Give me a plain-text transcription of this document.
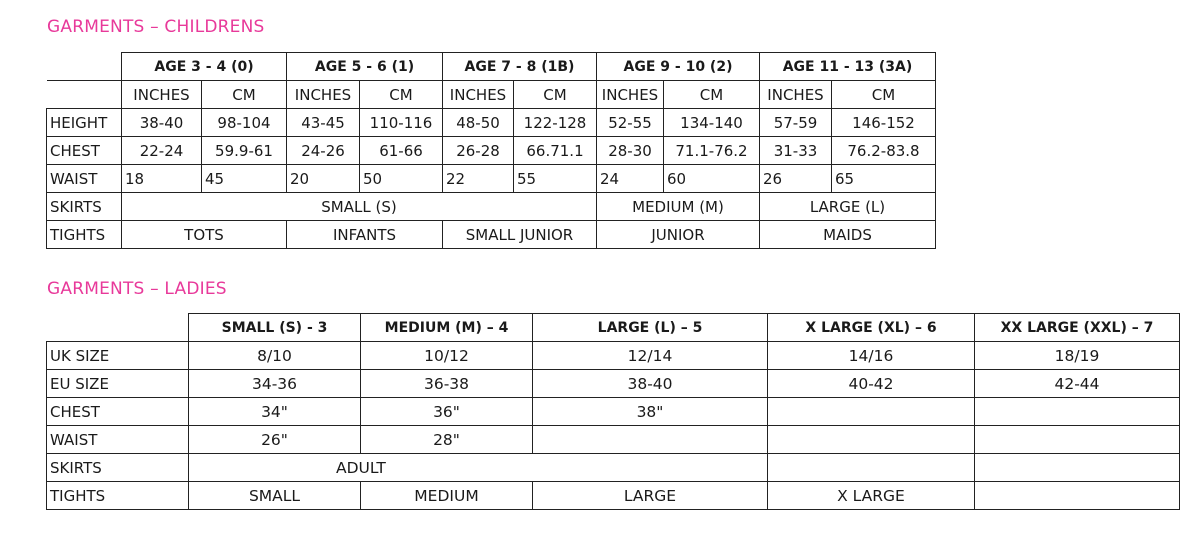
GARMENTS – CHILDRENS
	AGE 3 - 4 (0)		AGE 5 - 6 (1)		AGE 7 - 8 (1B)		AGE 9 - 10 (2)		AGE 11 - 13 (3A)	
	INCHES	CM	INCHES	CM	INCHES	CM	INCHES	CM	INCHES	CM
HEIGHT	38-40	98-104	43-45	110-116	48-50	122-128	52-55	134-140	57-59	146-152
CHEST	22-24	59.9-61	24-26	61-66	26-28	66.71.1	28-30	71.1-76.2	31-33	76.2-83.8
WAIST	18	45	20	50	22	55	24	60	26	65
SKIRTS	SMALL (S)						MEDIUM (M)		LARGE (L)	
TIGHTS	TOTS		INFANTS		SMALL JUNIOR		JUNIOR		MAIDS	
GARMENTS – LADIES
	SMALL (S) - 3	MEDIUM (M) – 4	LARGE (L) – 5	X LARGE (XL) – 6	XX LARGE (XXL) – 7
UK SIZE	8/10	10/12	12/14	14/16	18/19
EU SIZE	34-36	36-38	38-40	40-42	42-44
CHEST	34"	36"	38"		
WAIST	26"	28"			
SKIRTS	ADULT				
TIGHTS	SMALL	MEDIUM	LARGE	X LARGE	
